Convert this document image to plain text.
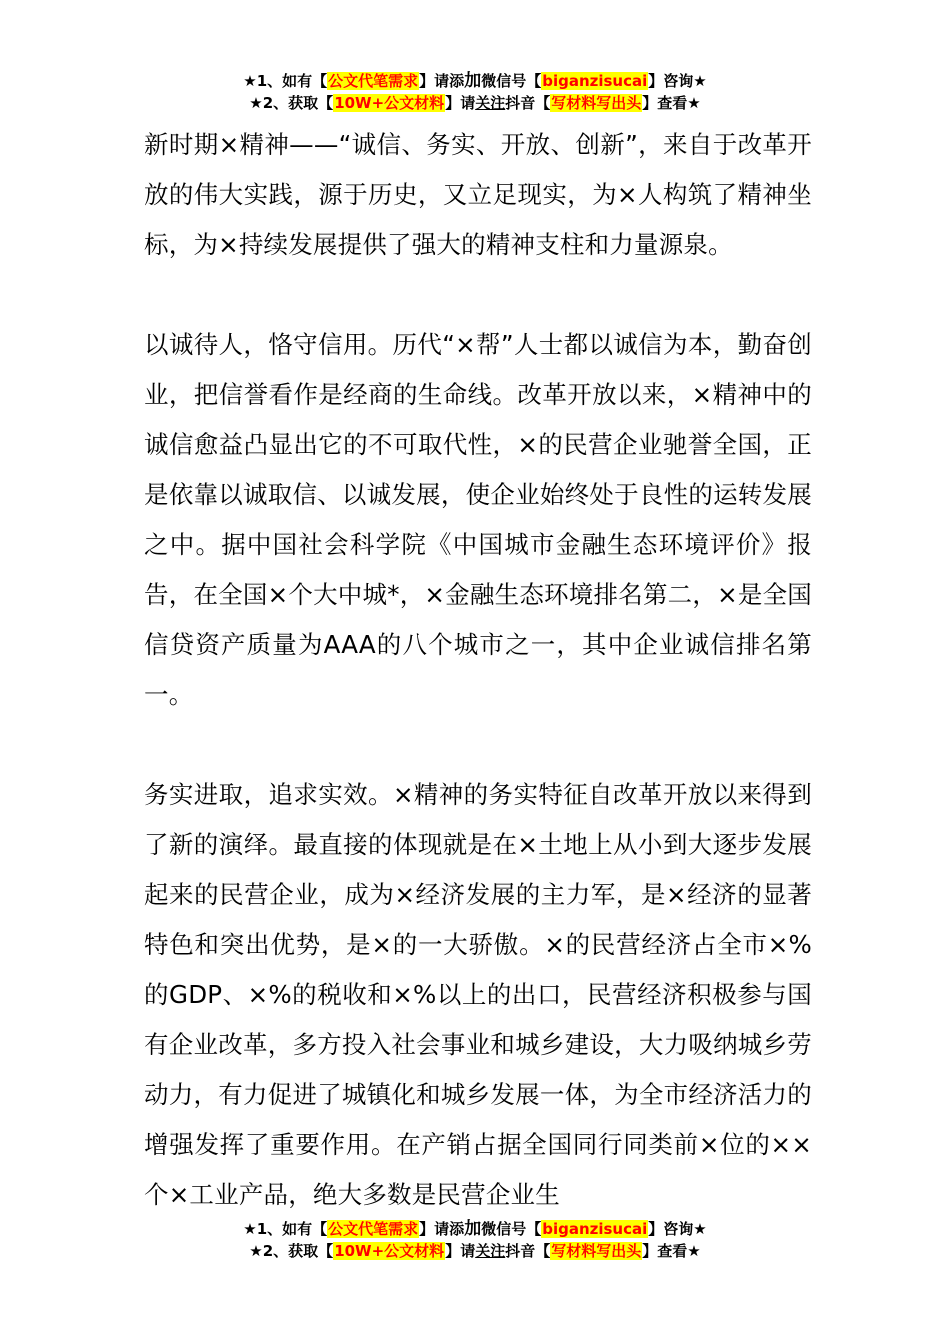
★1、如有【公文代笔需求】请添加微信号【biganzisucai】咨询★
★2、获取【10W+公文材料】请关注抖音【写材料写出头】查看★

新时期×精神——“诚信、务实、开放、创新”，来自于改革开放的伟大实践，源于历史，又立足现实，为×人构筑了精神坐标，为×持续发展提供了强大的精神支柱和力量源泉。

以诚待人，恪守信用。历代“×帮”人士都以诚信为本，勤奋创业，把信誉看作是经商的生命线。改革开放以来，×精神中的诚信愈益凸显出它的不可取代性，×的民营企业驰誉全国，正是依靠以诚取信、以诚发展，使企业始终处于良性的运转发展之中。据中国社会科学院《中国城市金融生态环境评价》报告，在全国×个大中城*，×金融生态环境排名第二，×是全国信贷资产质量为AAA的八个城市之一，其中企业诚信排名第一。

务实进取，追求实效。×精神的务实特征自改革开放以来得到了新的演绎。最直接的体现就是在×土地上从小到大逐步发展起来的民营企业，成为×经济发展的主力军，是×经济的显著特色和突出优势，是×的一大骄傲。×的民营经济占全市×%的GDP、×%的税收和×%以上的出口，民营经济积极参与国有企业改革，多方投入社会事业和城乡建设，大力吸纳城乡劳动力，有力促进了城镇化和城乡发展一体，为全市经济活力的增强发挥了重要作用。在产销占据全国同行同类前×位的××个×工业产品，绝大多数是民营企业生

★1、如有【公文代笔需求】请添加微信号【biganzisucai】咨询★
★2、获取【10W+公文材料】请关注抖音【写材料写出头】查看★
